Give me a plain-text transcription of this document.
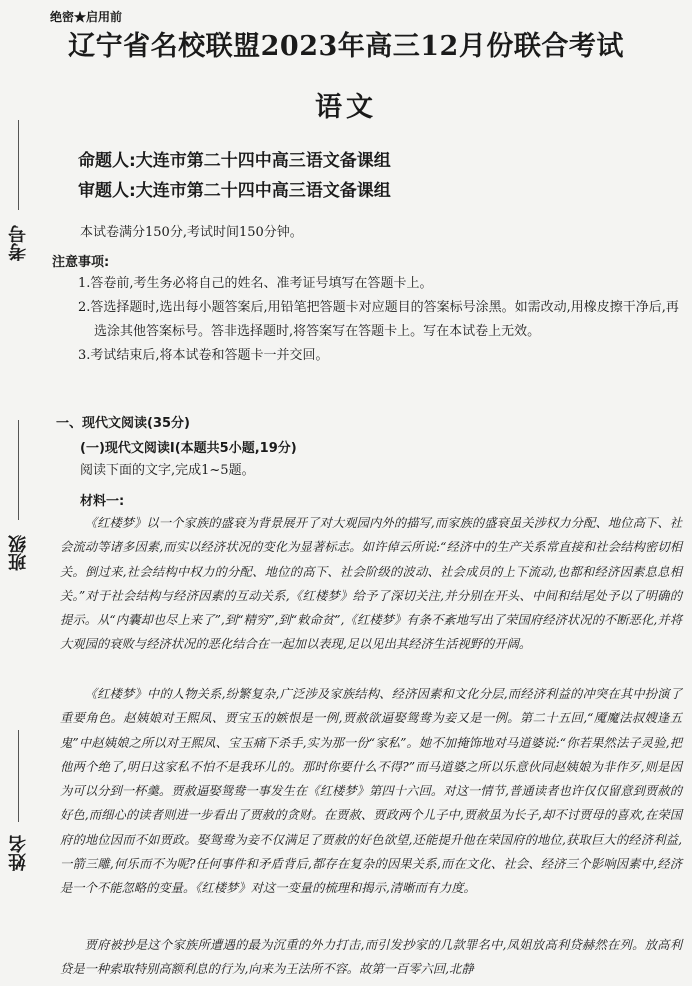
绝密★启用前
辽宁省名校联盟2023年高三12月份联合考试
语文
命题人:大连市第二十四中高三语文备课组
审题人:大连市第二十四中高三语文备课组
考号
班级
姓名
本试卷满分150分,考试时间150分钟。
注意事项:
1.答卷前,考生务必将自己的姓名、准考证号填写在答题卡上。
2.答选择题时,选出每小题答案后,用铅笔把答题卡对应题目的答案标号涂黑。如需改动,用橡皮擦干净后,再选涂其他答案标号。答非选择题时,将答案写在答题卡上。写在本试卷上无效。
3.考试结束后,将本试卷和答题卡一并交回。
一、现代文阅读(35分)
(一)现代文阅读Ⅰ(本题共5小题,19分)
阅读下面的文字,完成1~5题。
材料一:

《红楼梦》以一个家族的盛衰为背景展开了对大观园内外的描写,而家族的盛衰虽关涉权力分配、地位高下、社会流动等诸多因素,而实以经济状况的变化为显著标志。如许倬云所说:“经济中的生产关系常直接和社会结构密切相关。倒过来,社会结构中权力的分配、地位的高下、社会阶级的波动、社会成员的上下流动,也都和经济因素息息相关。”对于社会结构与经济因素的互动关系,《红楼梦》给予了深切关注,并分别在开头、中间和结尾处予以了明确的提示。从“内囊却也尽上来了”,到“精穷”,到“敕命贫”,《红楼梦》有条不紊地写出了荣国府经济状况的不断恶化,并将大观园的衰败与经济状况的恶化结合在一起加以表现,足以见出其经济生活视野的开阔。

《红楼梦》中的人物关系,纷繁复杂,广泛涉及家族结构、经济因素和文化分层,而经济利益的冲突在其中扮演了重要角色。赵姨娘对王熙凤、贾宝玉的嫉恨是一例,贾赦欲逼娶鸳鸯为妾又是一例。第二十五回,“魇魔法叔嫂逢五鬼”中赵姨娘之所以对王熙凤、宝玉痛下杀手,实为那一份“家私”。她不加掩饰地对马道婆说:“你若果然法子灵验,把他两个绝了,明日这家私不怕不是我环儿的。那时你要什么不得?”而马道婆之所以乐意伙同赵姨娘为非作歹,则是因为可以分到一杯羹。贾赦逼娶鸳鸯一事发生在《红楼梦》第四十六回。对这一情节,普通读者也许仅仅留意到贾赦的好色,而细心的读者则进一步看出了贾赦的贪财。在贾赦、贾政两个儿子中,贾赦虽为长子,却不讨贾母的喜欢,在荣国府的地位因而不如贾政。娶鸳鸯为妾不仅满足了贾赦的好色欲望,还能提升他在荣国府的地位,获取巨大的经济利益,一箭三雕,何乐而不为呢?任何事件和矛盾背后,都存在复杂的因果关系,而在文化、社会、经济三个影响因素中,经济是一个不能忽略的变量。《红楼梦》对这一变量的梳理和揭示,清晰而有力度。

贾府被抄是这个家族所遭遇的最为沉重的外力打击,而引发抄家的几款罪名中,凤姐放高利贷赫然在列。放高利贷是一种索取特别高额利息的行为,向来为王法所不容。故第一百零六回,北静
